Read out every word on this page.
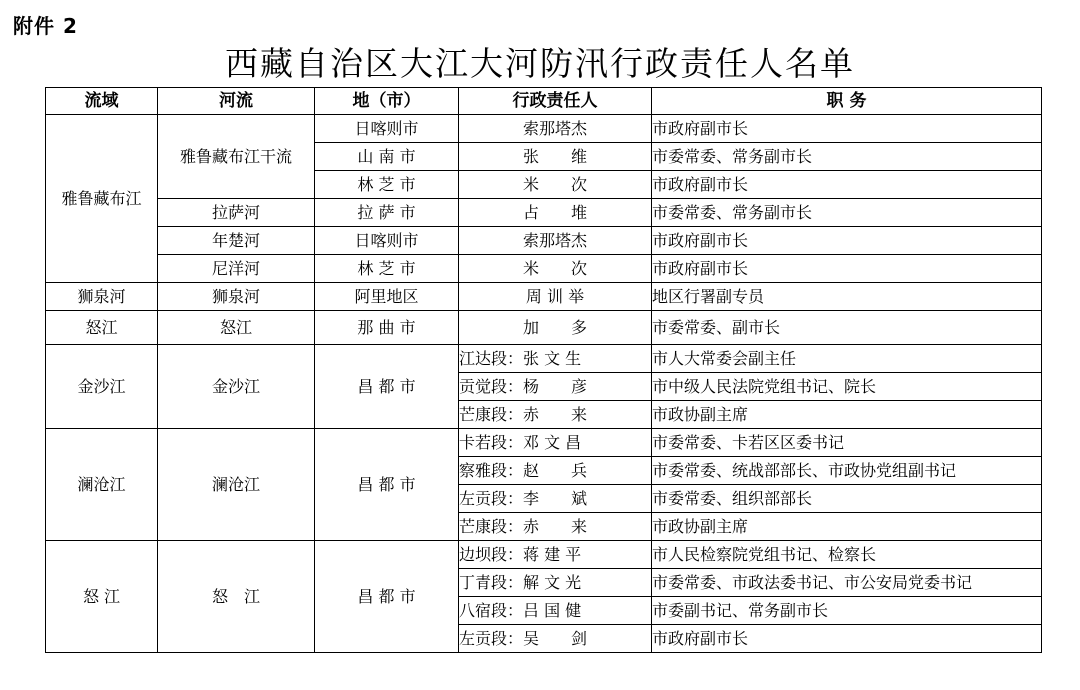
附件 2
西藏自治区大江大河防汛行政责任人名单
流域	河流	地（市）	行政责任人	职 务
雅鲁藏布江	雅鲁藏布江干流	日喀则市	索那塔杰	市政府副市长
		山 南 市	张　　维	市委常委、常务副市长
		林 芝 市	米　　次	市政府副市长
	拉萨河	拉 萨 市	占　　堆	市委常委、常务副市长
	年楚河	日喀则市	索那塔杰	市政府副市长
	尼洋河	林 芝 市	米　　次	市政府副市长
狮泉河	狮泉河	阿里地区	周 训 举	地区行署副专员
怒江	怒江	那 曲 市	加　　多	市委常委、副市长
金沙江	金沙江	昌 都 市	江达段：张 文 生	市人大常委会副主任
			贡觉段：杨　　彦	市中级人民法院党组书记、院长
			芒康段：赤　　来	市政协副主席
澜沧江	澜沧江	昌 都 市	卡若段：邓 文 昌	市委常委、卡若区区委书记
			察雅段：赵　　兵	市委常委、统战部部长、市政协党组副书记
			左贡段：李　　斌	市委常委、组织部部长
			芒康段：赤　　来	市政协副主席
怒 江	怒　江	昌 都 市	边坝段：蒋 建 平	市人民检察院党组书记、检察长
			丁青段：解 文 光	市委常委、市政法委书记、市公安局党委书记
			八宿段：吕 国 健	市委副书记、常务副市长
			左贡段：吴　　剑	市政府副市长
